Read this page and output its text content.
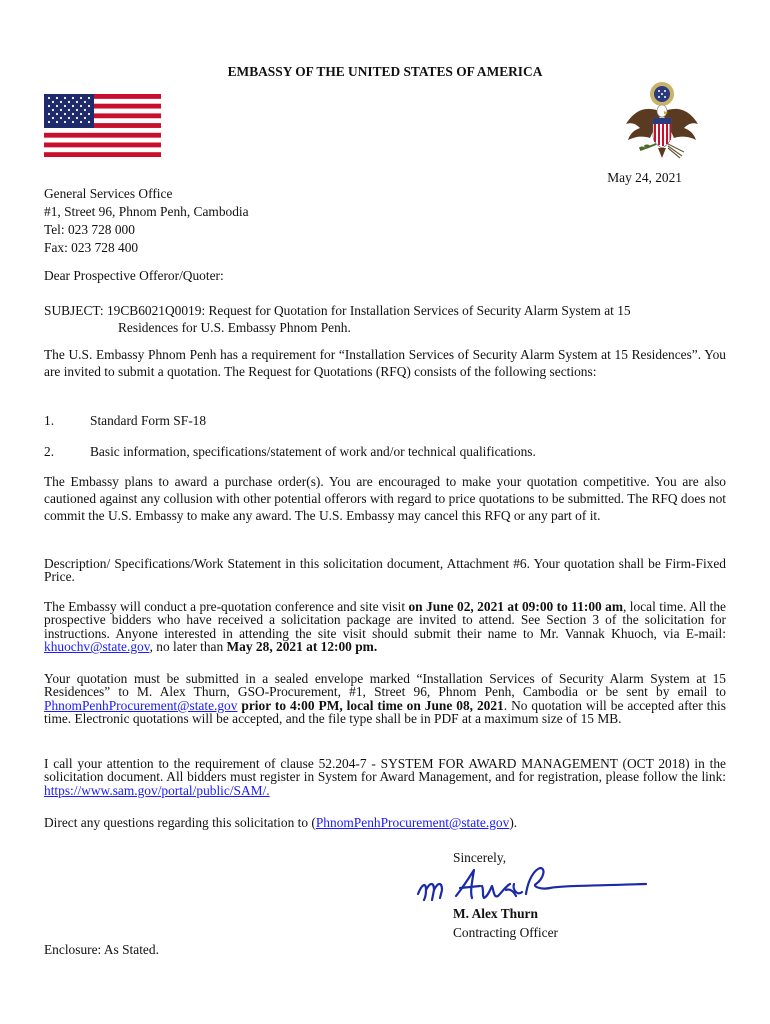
EMBASSY OF THE UNITED STATES OF AMERICA
May 24, 2021
General Services Office
#1, Street 96, Phnom Penh, Cambodia
Tel: 023 728 000
Fax: 023 728 400
Dear Prospective Offeror/Quoter:
SUBJECT: 19CB6021Q0019: Request for Quotation for Installation Services of Security Alarm System at 15
Residences for U.S. Embassy Phnom Penh.
The U.S. Embassy Phnom Penh has a requirement for “Installation Services of Security Alarm System at 15 Residences”. You are invited to submit a quotation. The Request for Quotations (RFQ) consists of the following sections:
1.	Standard Form SF-18
2.	Basic information, specifications/statement of work and/or technical qualifications.
The Embassy plans to award a purchase order(s). You are encouraged to make your quotation competitive. You are also cautioned against any collusion with other potential offerors with regard to price quotations to be submitted. The RFQ does not commit the U.S. Embassy to make any award. The U.S. Embassy may cancel this RFQ or any part of it.
Description/ Specifications/Work Statement in this solicitation document, Attachment #6. Your quotation shall be Firm-Fixed Price.
The Embassy will conduct a pre-quotation conference and site visit on June 02, 2021 at 09:00 to 11:00 am, local time. All the prospective bidders who have received a solicitation package are invited to attend. See Section 3 of the solicitation for instructions. Anyone interested in attending the site visit should submit their name to Mr. Vannak Khuoch, via E-mail: khuochv@state.gov, no later than May 28, 2021 at 12:00 pm.
Your quotation must be submitted in a sealed envelope marked “Installation Services of Security Alarm System at 15 Residences” to M. Alex Thurn, GSO-Procurement, #1, Street 96, Phnom Penh, Cambodia or be sent by email to PhnomPenhProcurement@state.gov prior to 4:00 PM, local time on June 08, 2021. No quotation will be accepted after this time. Electronic quotations will be accepted, and the file type shall be in PDF at a maximum size of 15 MB.
I call your attention to the requirement of clause 52.204-7 - SYSTEM FOR AWARD MANAGEMENT (OCT 2018) in the solicitation document. All bidders must register in System for Award Management, and for registration, please follow the link: https://www.sam.gov/portal/public/SAM/.
Direct any questions regarding this solicitation to (PhnomPenhProcurement@state.gov).
Sincerely,
M. Alex Thurn
Contracting Officer
Enclosure: As Stated.
